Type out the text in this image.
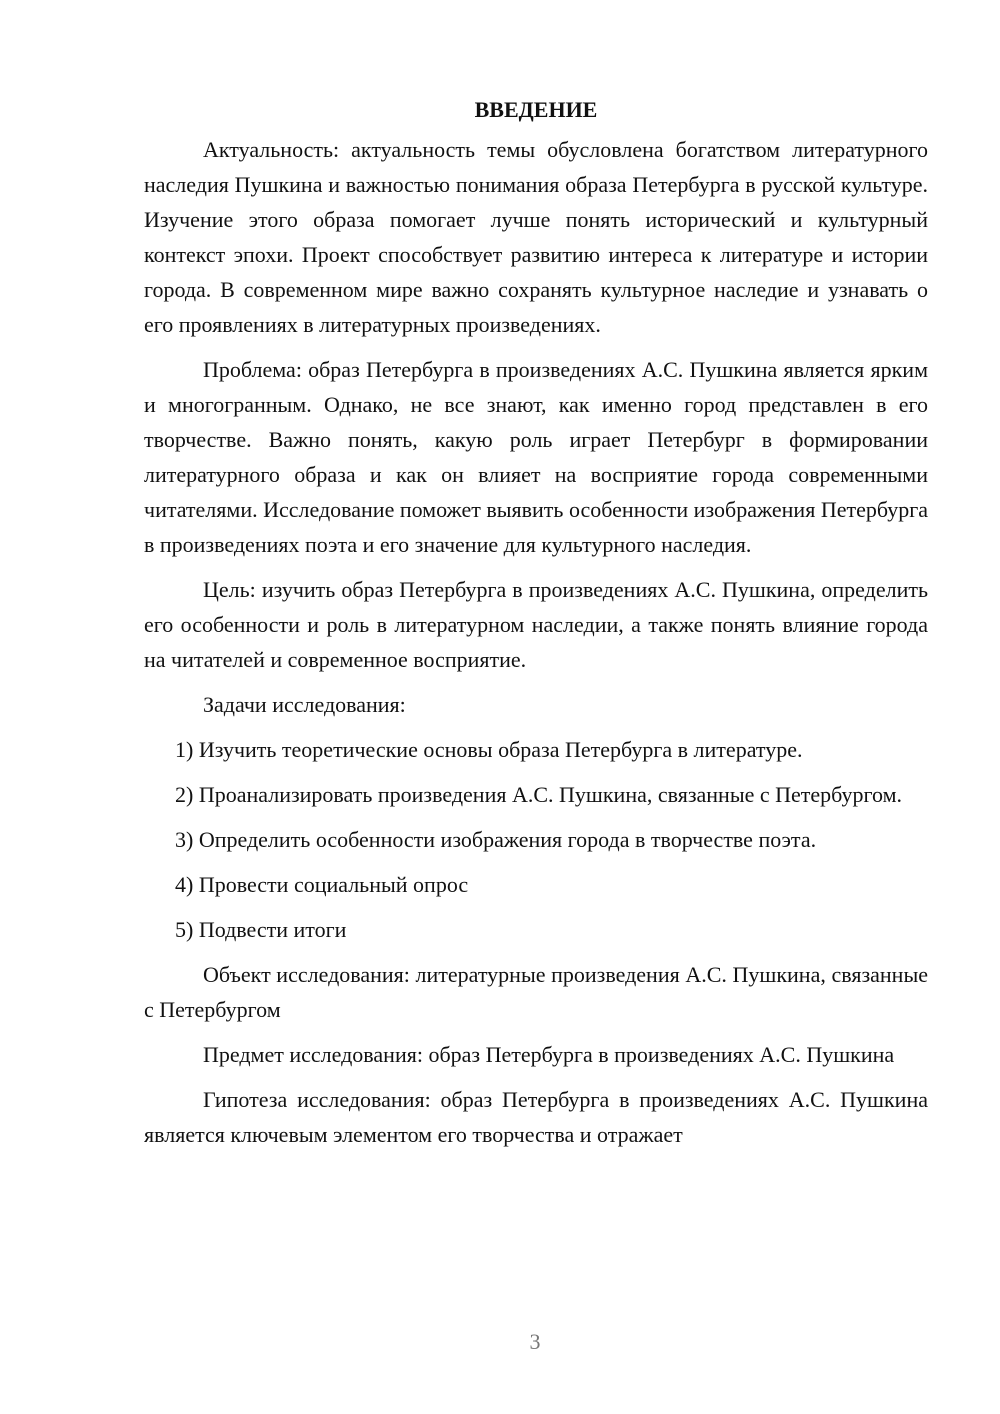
ВВЕДЕНИЕ

Актуальность: актуальность темы обусловлена богатством литературного наследия Пушкина и важностью понимания образа Петербурга в русской культуре. Изучение этого образа помогает лучше понять исторический и культурный контекст эпохи. Проект способствует развитию интереса к литературе и истории города. В современном мире важно сохранять культурное наследие и узнавать о его проявлениях в литературных произведениях.

Проблема: образ Петербурга в произведениях А.С. Пушкина является ярким и многогранным. Однако, не все знают, как именно город представлен в его творчестве. Важно понять, какую роль играет Петербург в формировании литературного образа и как он влияет на восприятие города современными читателями. Исследование поможет выявить особенности изображения Петербурга в произведениях поэта и его значение для культурного наследия.

Цель: изучить образ Петербурга в произведениях А.С. Пушкина, определить его особенности и роль в литературном наследии, а также понять влияние города на читателей и современное восприятие.

Задачи исследования:

1) Изучить теоретические основы образа Петербурга в литературе.

2) Проанализировать произведения А.С. Пушкина, связанные с Петербургом.

3) Определить особенности изображения города в творчестве поэта.

4) Провести социальный опрос

5) Подвести итоги

Объект исследования: литературные произведения А.С. Пушкина, связанные с Петербургом

Предмет исследования: образ Петербурга в произведениях А.С. Пушкина

Гипотеза исследования: образ Петербурга в произведениях А.С. Пушкина является ключевым элементом его творчества и отражает

3
